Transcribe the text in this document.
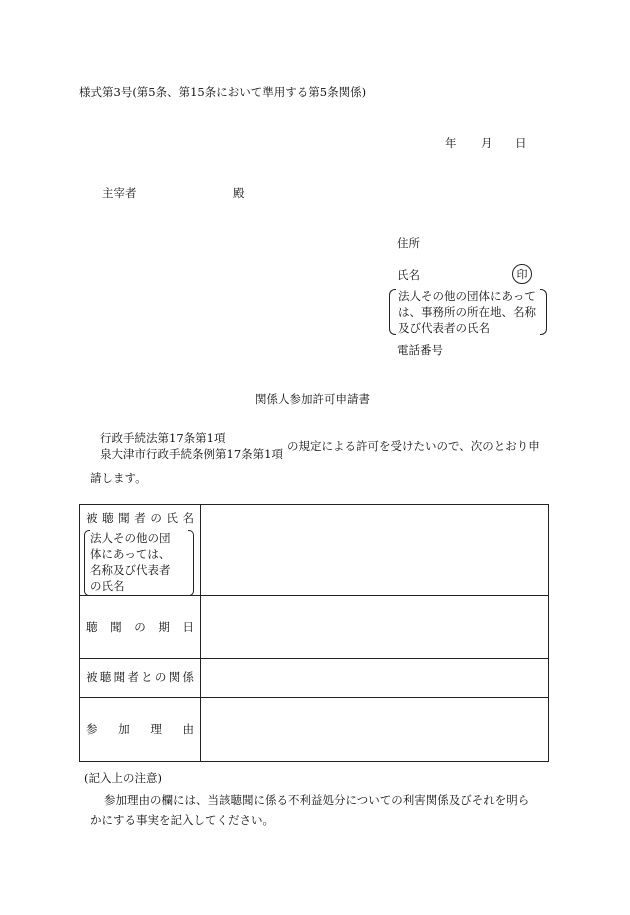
様式第3号(第5条、第15条において準用する第5条関係)
年 月 日
主宰者	殿
住所
氏名	印
法人その他の団体にあって
は、事務所の所在地、名称
及び代表者の氏名
電話番号
関係人参加許可申請書
行政手続法第17条第1項
泉大津市行政手続条例第17条第1項
の規定による許可を受けたいので、次のとおり申
請します。
被 聴 聞 者 の 氏 名
法人その他の団
体にあっては、
名称及び代表者
の氏名
聴 聞 の 期 日
被 聴 聞 者 と の 関 係
参 加 理 由
(記入上の注意)
参加理由の欄には、当該聴聞に係る不利益処分についての利害関係及びそれを明ら
かにする事実を記入してください。
